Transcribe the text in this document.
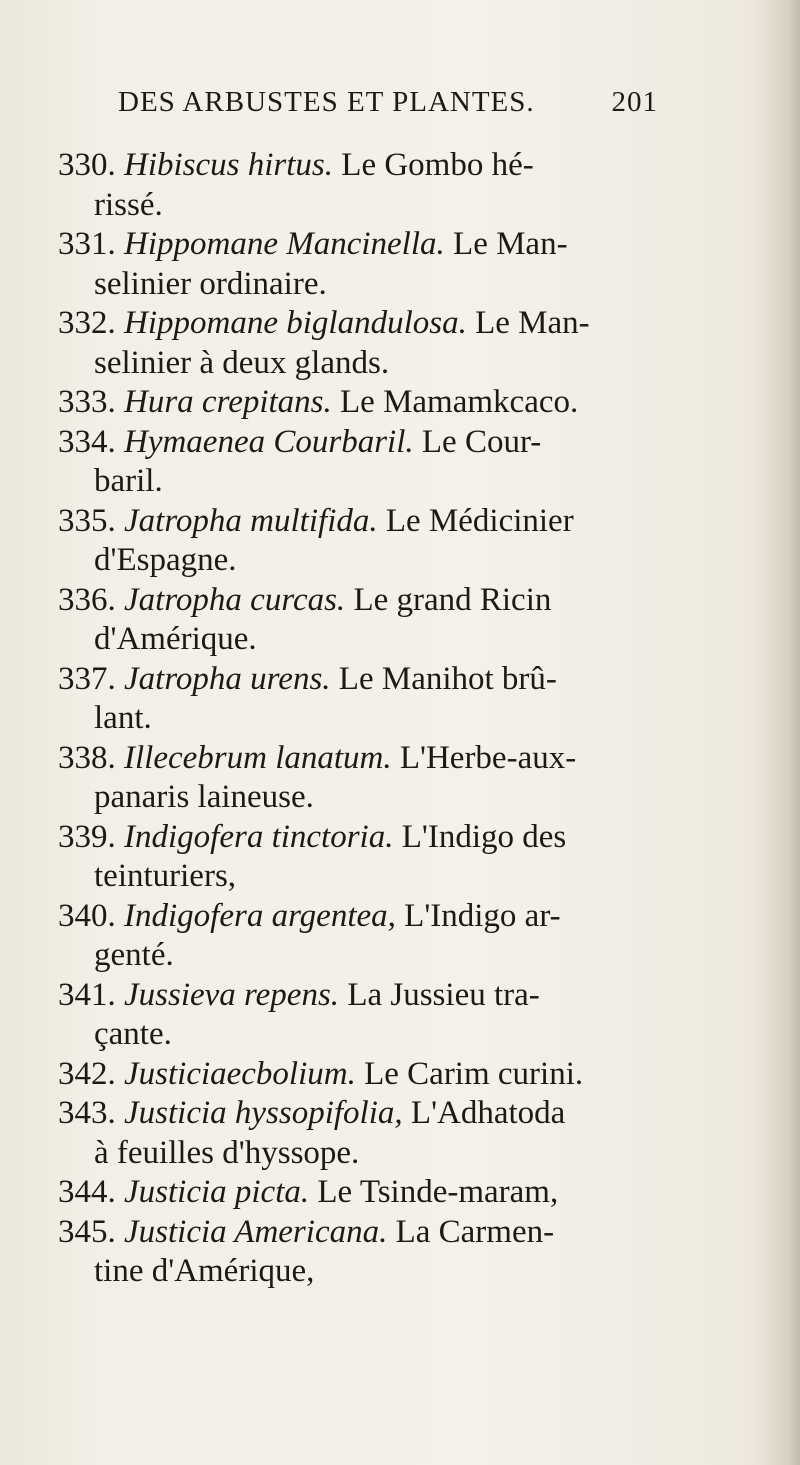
DES ARBUSTES ET PLANTES.	201
330. Hibiscus hirtus. Le Gombo hé-
rissé.
331. Hippomane Mancinella. Le Man-
selinier ordinaire.
332. Hippomane biglandulosa. Le Man-
selinier à deux glands.
333. Hura crepitans. Le Mamamkcaco.
334. Hymaenea Courbaril. Le Cour-
baril.
335. Jatropha multifida. Le Médicinier
d'Espagne.
336. Jatropha curcas. Le grand Ricin
d'Amérique.
337. Jatropha urens. Le Manihot brû-
lant.
338. Illecebrum lanatum. L'Herbe-aux-
panaris laineuse.
339. Indigofera tinctoria. L'Indigo des
teinturiers,
340. Indigofera argentea, L'Indigo ar-
genté.
341. Jussieva repens. La Jussieu tra-
çante.
342. Justiciaecbolium. Le Carim curini.
343. Justicia hyssopifolia, L'Adhatoda
à feuilles d'hyssope.
344. Justicia picta. Le Tsinde-maram,
345. Justicia Americana. La Carmen-
tine d'Amérique,
